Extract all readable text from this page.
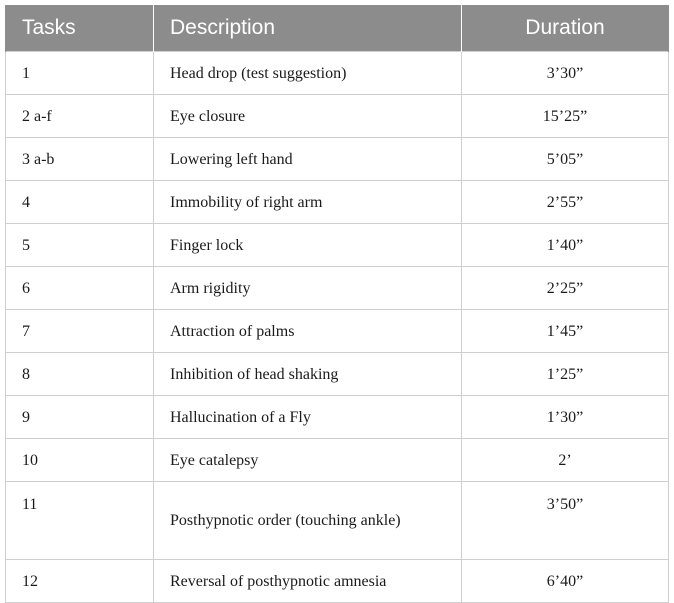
Tasks	Description	Duration
1	Head drop (test suggestion)	3’30”
2 a-f	Eye closure	15’25”
3 a-b	Lowering left hand	5’05”
4	Immobility of right arm	2’55”
5	Finger lock	1’40”
6	Arm rigidity	2’25”
7	Attraction of palms	1’45”
8	Inhibition of head shaking	1’25”
9	Hallucination of a Fly	1’30”
10	Eye catalepsy	2’
11	Posthypnotic order (touching ankle)	3’50”
12	Reversal of posthypnotic amnesia	6’40”
